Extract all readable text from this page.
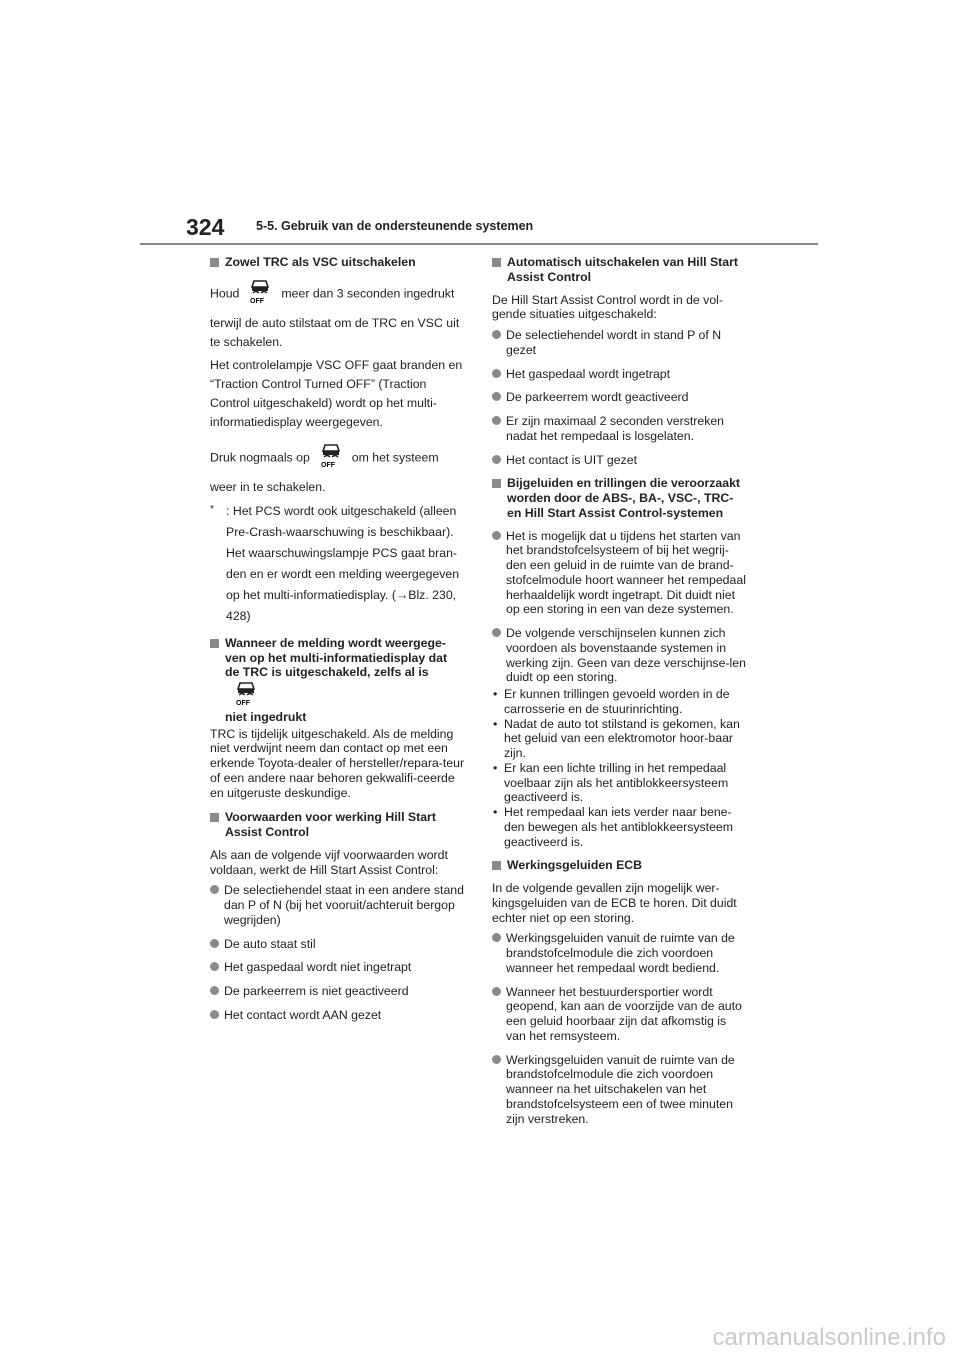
324	5-5. Gebruik van de ondersteunende systemen
Zowel TRC als VSC uitschakelen
Houd
OFF
meer dan 3 seconden ingedrukt
terwijl de auto stilstaat om de TRC en VSC uit te schakelen.
Het controlelampje VSC OFF gaat branden en “Traction Control Turned OFF” (Traction Control uitgeschakeld) wordt op het multi-informatiedisplay weergegeven.
Druk nogmaals op
OFF
om het systeem
weer in te schakelen.
* : Het PCS wordt ook uitgeschakeld (alleen Pre-Crash-waarschuwing is beschikbaar). Het waarschuwingslampje PCS gaat bran-den en er wordt een melding weergegeven op het multi-informatiedisplay. (→Blz. 230, 428)
Wanneer de melding wordt weergege-ven op het multi-informatiedisplay dat
de TRC is uitgeschakeld, zelfs al is
OFF

niet ingedrukt
TRC is tijdelijk uitgeschakeld. Als de melding niet verdwijnt neem dan contact op met een erkende Toyota-dealer of hersteller/repara-teur of een andere naar behoren gekwalifi-ceerde en uitgeruste deskundige.
Voorwaarden voor werking Hill Start Assist Control
Als aan de volgende vijf voorwaarden wordt voldaan, werkt de Hill Start Assist Control:
De selectiehendel staat in een andere stand dan P of N (bij het vooruit/achteruit bergop wegrijden)
De auto staat stil
Het gaspedaal wordt niet ingetrapt
De parkeerrem is niet geactiveerd
Het contact wordt AAN gezet
Automatisch uitschakelen van Hill Start Assist Control
De Hill Start Assist Control wordt in de vol-gende situaties uitgeschakeld:
De selectiehendel wordt in stand P of N gezet
Het gaspedaal wordt ingetrapt
De parkeerrem wordt geactiveerd
Er zijn maximaal 2 seconden verstreken nadat het rempedaal is losgelaten.
Het contact is UIT gezet
Bijgeluiden en trillingen die veroorzaakt worden door de ABS-, BA-, VSC-, TRC- en Hill Start Assist Control-systemen
Het is mogelijk dat u tijdens het starten van het brandstofcelsysteem of bij het wegrij-den een geluid in de ruimte van de brand-stofcelmodule hoort wanneer het rempedaal herhaaldelijk wordt ingetrapt. Dit duidt niet op een storing in een van deze systemen.
De volgende verschijnselen kunnen zich voordoen als bovenstaande systemen in werking zijn. Geen van deze verschijnse-len duidt op een storing.
• Er kunnen trillingen gevoeld worden in de carrosserie en de stuurinrichting.
• Nadat de auto tot stilstand is gekomen, kan het geluid van een elektromotor hoor-baar zijn.
• Er kan een lichte trilling in het rempedaal voelbaar zijn als het antiblokkeersysteem geactiveerd is.
• Het rempedaal kan iets verder naar bene-den bewegen als het antiblokkeersysteem geactiveerd is.
Werkingsgeluiden ECB
In de volgende gevallen zijn mogelijk wer-kingsgeluiden van de ECB te horen. Dit duidt echter niet op een storing.
Werkingsgeluiden vanuit de ruimte van de brandstofcelmodule die zich voordoen wanneer het rempedaal wordt bediend.
Wanneer het bestuurdersportier wordt geopend, kan aan de voorzijde van de auto een geluid hoorbaar zijn dat afkomstig is van het remsysteem.
Werkingsgeluiden vanuit de ruimte van de brandstofcelmodule die zich voordoen wanneer na het uitschakelen van het brandstofcelsysteem een of twee minuten zijn verstreken.
carmanualsonline.info
